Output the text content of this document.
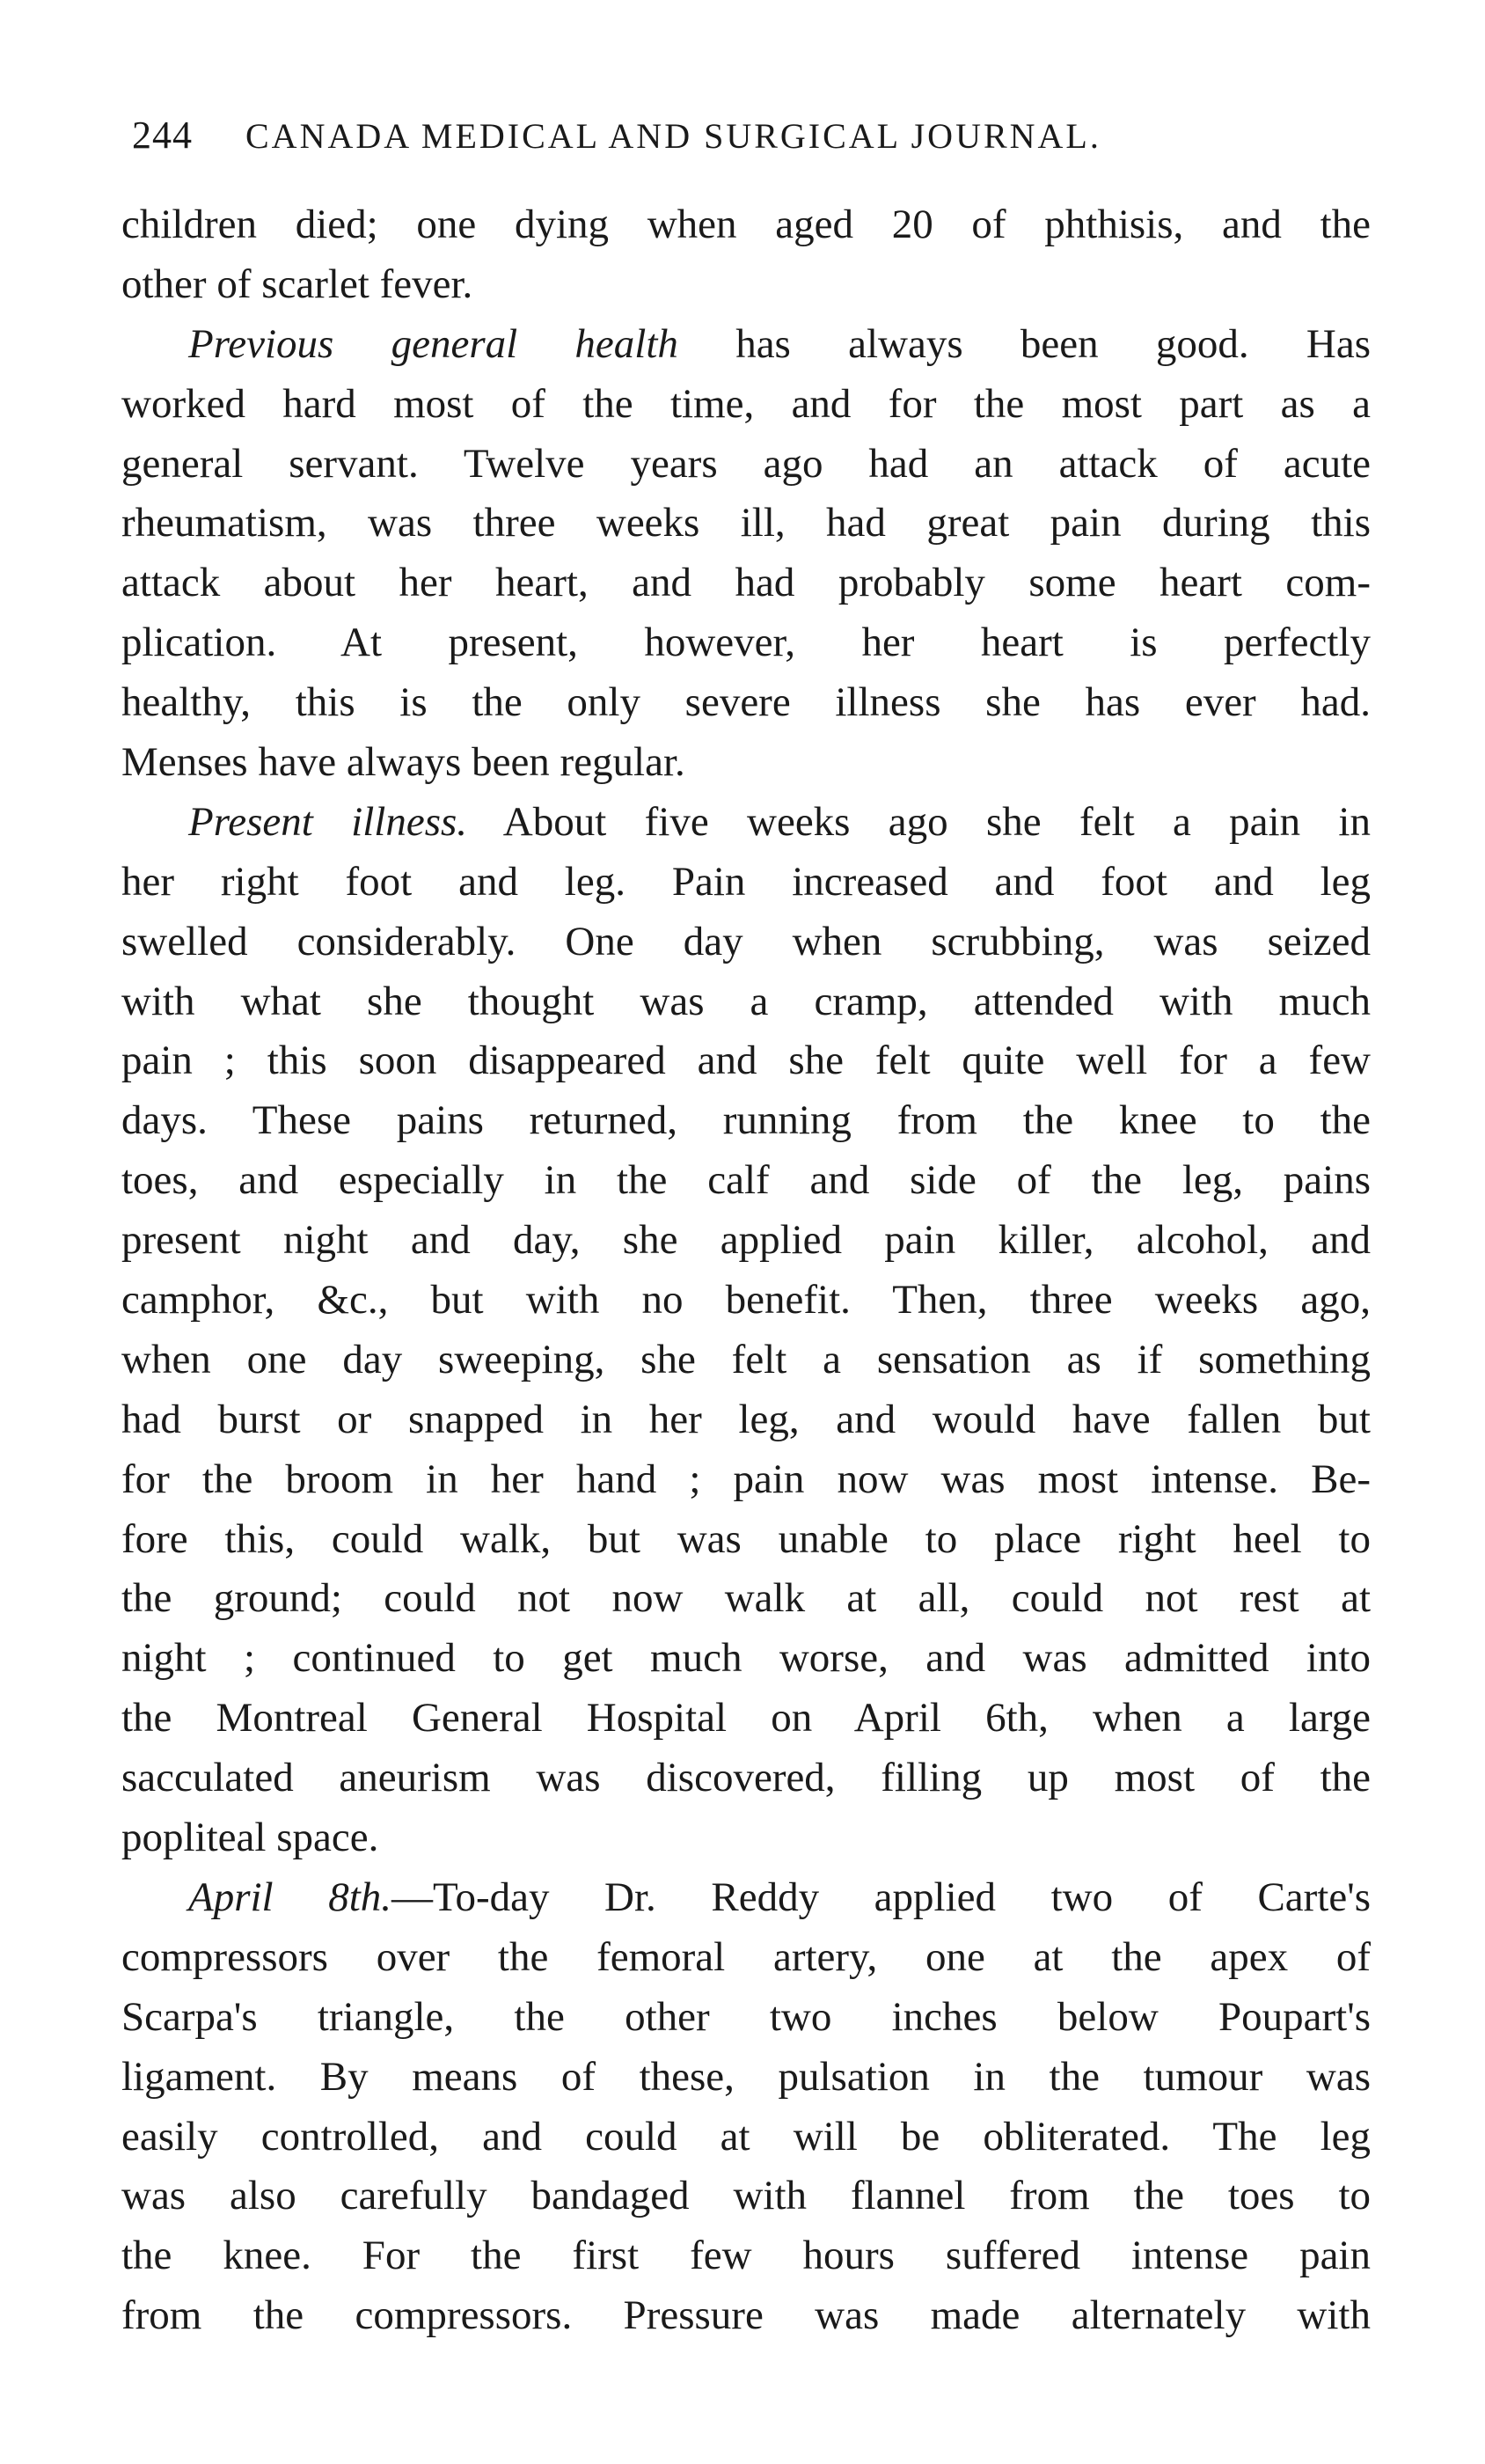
244 CANADA MEDICAL AND SURGICAL JOURNAL.
children died; one dying when aged 20 of phthisis, and the
other of scarlet fever.
Previous general health has always been good. Has
worked hard most of the time, and for the most part as a
general servant. Twelve years ago had an attack of acute
rheumatism, was three weeks ill, had great pain during this
attack about her heart, and had probably some heart com-
plication. At present, however, her heart is perfectly
healthy, this is the only severe illness she has ever had.
Menses have always been regular.
Present illness. About five weeks ago she felt a pain in
her right foot and leg. Pain increased and foot and leg
swelled considerably. One day when scrubbing, was seized
with what she thought was a cramp, attended with much
pain ; this soon disappeared and she felt quite well for a few
days. These pains returned, running from the knee to the
toes, and especially in the calf and side of the leg, pains
present night and day, she applied pain killer, alcohol, and
camphor, &c., but with no benefit. Then, three weeks ago,
when one day sweeping, she felt a sensation as if something
had burst or snapped in her leg, and would have fallen but
for the broom in her hand ; pain now was most intense. Be-
fore this, could walk, but was unable to place right heel to
the ground; could not now walk at all, could not rest at
night ; continued to get much worse, and was admitted into
the Montreal General Hospital on April 6th, when a large
sacculated aneurism was discovered, filling up most of the
popliteal space.
April 8th.—To-day Dr. Reddy applied two of Carte's
compressors over the femoral artery, one at the apex of
Scarpa's triangle, the other two inches below Poupart's
ligament. By means of these, pulsation in the tumour was
easily controlled, and could at will be obliterated. The leg
was also carefully bandaged with flannel from the toes to
the knee. For the first few hours suffered intense pain
from the compressors. Pressure was made alternately with
